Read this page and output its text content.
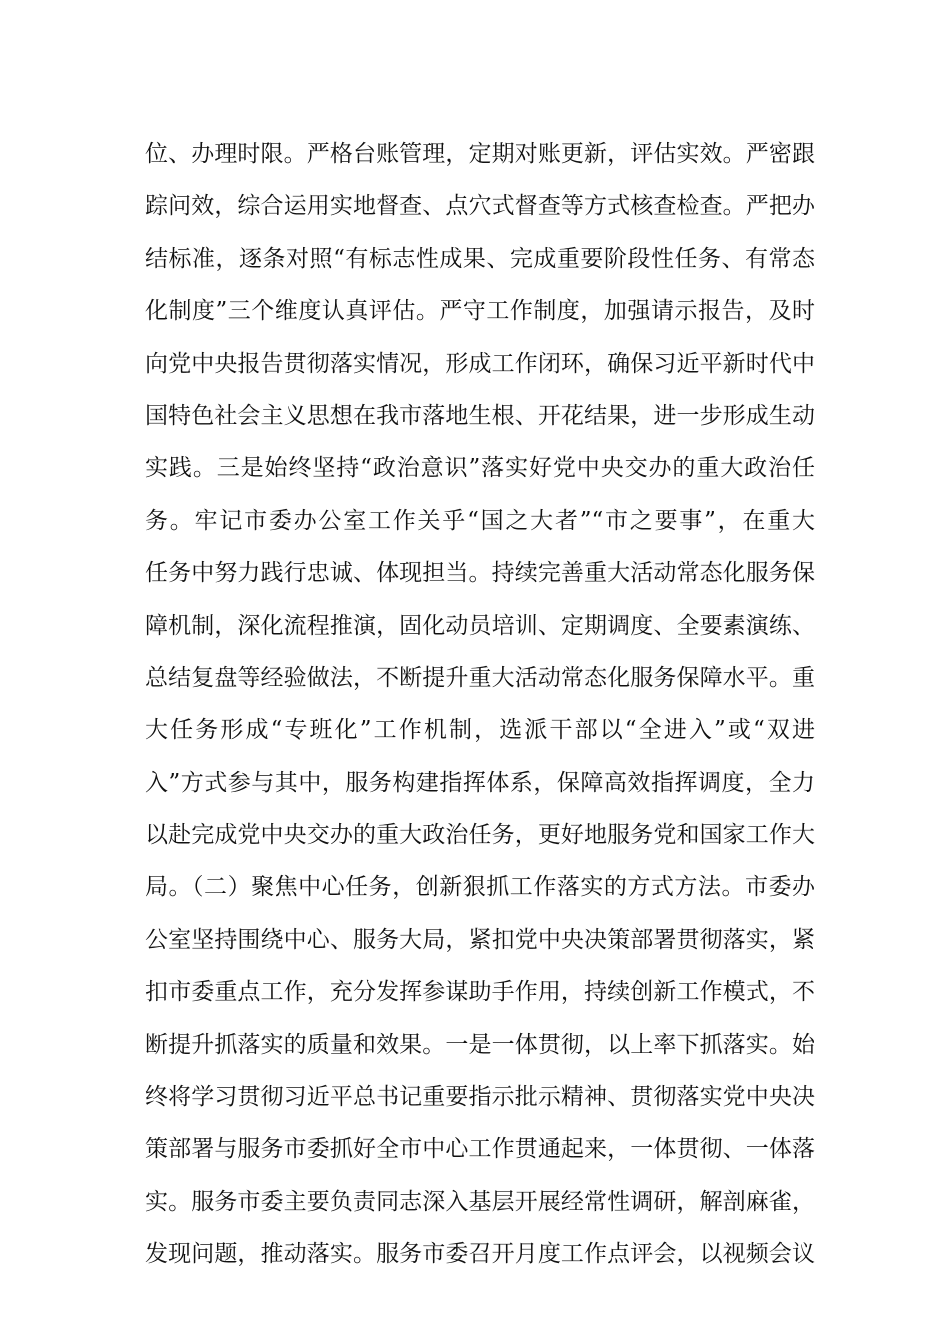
位、办理时限。严格台账管理，定期对账更新，评估实效。严密跟
踪问效，综合运用实地督查、点穴式督查等方式核查检查。严把办
结标准，逐条对照“有标志性成果、完成重要阶段性任务、有常态
化制度”三个维度认真评估。严守工作制度，加强请示报告，及时
向党中央报告贯彻落实情况，形成工作闭环，确保习近平新时代中
国特色社会主义思想在我市落地生根、开花结果，进一步形成生动
实践。三是始终坚持“政治意识”落实好党中央交办的重大政治任
务。牢记市委办公室工作关乎“国之大者”“市之要事”，在重大
任务中努力践行忠诚、体现担当。持续完善重大活动常态化服务保
障机制，深化流程推演，固化动员培训、定期调度、全要素演练、
总结复盘等经验做法，不断提升重大活动常态化服务保障水平。重
大任务形成“专班化”工作机制，选派干部以“全进入”或“双进
入”方式参与其中，服务构建指挥体系，保障高效指挥调度，全力
以赴完成党中央交办的重大政治任务，更好地服务党和国家工作大
局。（二）聚焦中心任务，创新狠抓工作落实的方式方法。市委办
公室坚持围绕中心、服务大局，紧扣党中央决策部署贯彻落实，紧
扣市委重点工作，充分发挥参谋助手作用，持续创新工作模式，不
断提升抓落实的质量和效果。一是一体贯彻，以上率下抓落实。始
终将学习贯彻习近平总书记重要指示批示精神、贯彻落实党中央决
策部署与服务市委抓好全市中心工作贯通起来，一体贯彻、一体落
实。服务市委主要负责同志深入基层开展经常性调研，解剖麻雀，
发现问题，推动落实。服务市委召开月度工作点评会，以视频会议
